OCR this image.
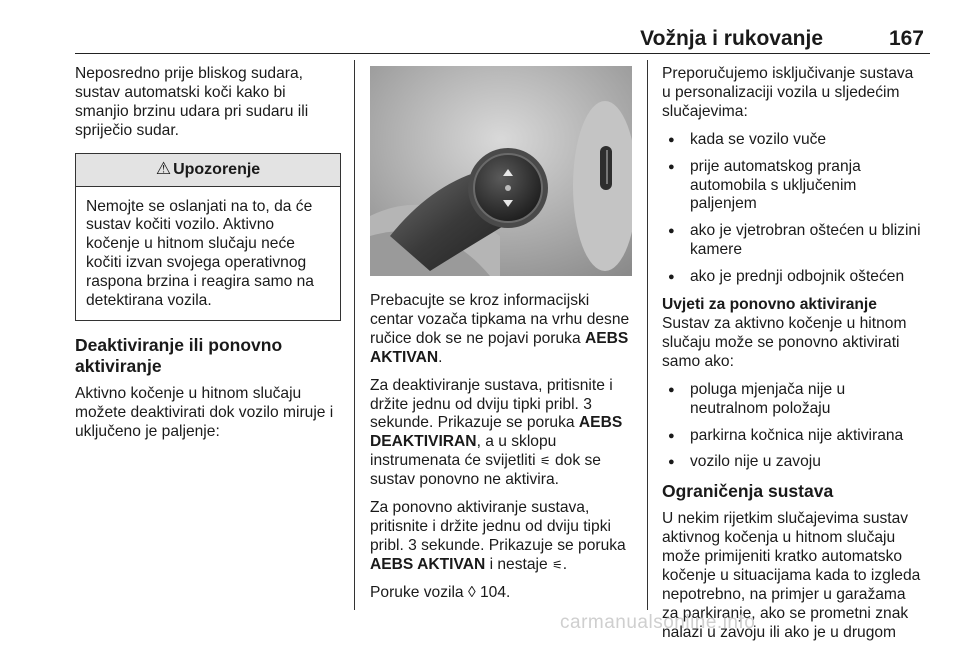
Vožnja i rukovanje	167

Neposredno prije bliskog sudara, sustav automatski koči kako bi smanjio brzinu udara pri sudaru ili spriječio sudar.

⚠ Upozorenje
Nemojte se oslanjati na to, da će sustav kočiti vozilo. Aktivno kočenje u hitnom slučaju neće kočiti izvan svojega operativnog raspona brzina i reagira samo na detektirana vozila.
Deaktiviranje ili ponovno aktiviranje

Aktivno kočenje u hitnom slučaju možete deaktivirati dok vozilo miruje i uključeno je paljenje:

Prebacujte se kroz informacijski centar vozača tipkama na vrhu desne ručice dok se ne pojavi poruka AEBS AKTIVAN.

Za deaktiviranje sustava, pritisnite i držite jednu od dviju tipki pribl. 3 sekunde. Prikazuje se poruka AEBS DEAKTIVIRAN, a u sklopu instrumenata će svijetliti ⚟ dok se sustav ponovno ne aktivira.

Za ponovno aktiviranje sustava, pritisnite i držite jednu od dviju tipki pribl. 3 sekunde. Prikazuje se poruka AEBS AKTIVAN i nestaje ⚟.

Poruke vozila ◊ 104.

Preporučujemo isključivanje sustava u personalizaciji vozila u sljedećim slučajevima:

● kada se vozilo vuče
● prije automatskog pranja automobila s uključenim paljenjem
● ako je vjetrobran oštećen u blizini kamere
● ako je prednji odbojnik oštećen
Uvjeti za ponovno aktiviranje

Sustav za aktivno kočenje u hitnom slučaju može se ponovno aktivirati samo ako:

● poluga mjenjača nije u neutralnom položaju
● parkirna kočnica nije aktivirana
● vozilo nije u zavoju
Ograničenja sustava

U nekim rijetkim slučajevima sustav aktivnog kočenja u hitnom slučaju može primijeniti kratko automatsko kočenje u situacijama kada to izgleda nepotrebno, na primjer u garažama za parkiranje, ako se prometni znak nalazi u zavoju ili ako je u drugom

carmanualsonline.info
